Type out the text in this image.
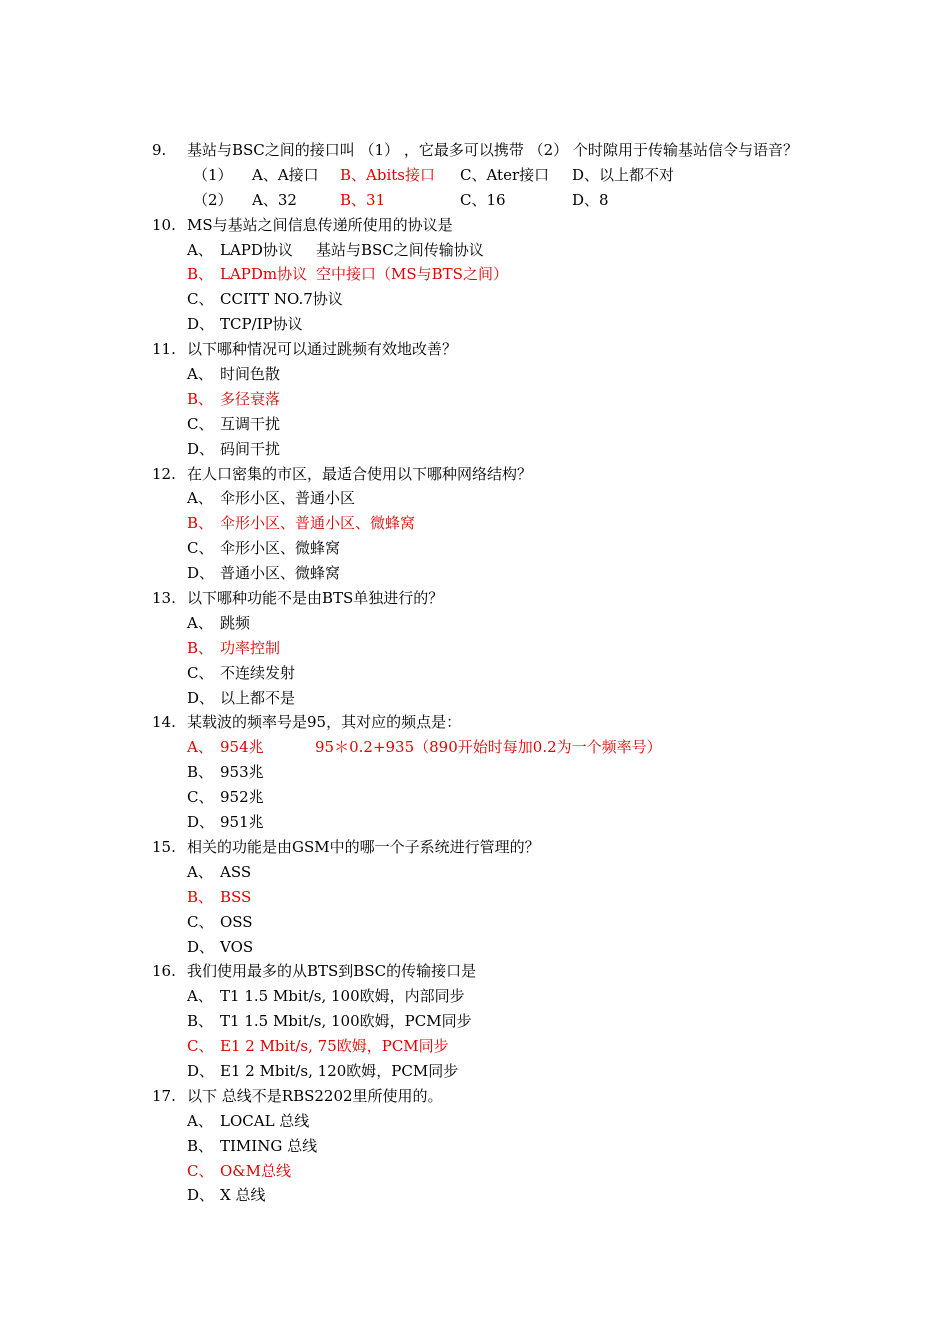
9. 基站与BSC之间的接口叫 （1） ，它最多可以携带 （2） 个时隙用于传输基站信令与语音？
（1） A、A接口 B、Abits接口 C、Ater接口 D、以上都不对
（2） A、32	B、31	C、16	D、8
10. MS与基站之间信息传递所使用的协议是
A、 LAPD协议 基站与BSC之间传输协议
B、 LAPDm协议 空中接口（MS与BTS之间）
C、 CCITT NO.7协议
D、 TCP/IP协议
11. 以下哪种情况可以通过跳频有效地改善？
A、 时间色散
B、 多径衰落
C、 互调干扰
D、 码间干扰
12. 在人口密集的市区，最适合使用以下哪种网络结构？
A、 伞形小区、普通小区
B、 伞形小区、普通小区、微蜂窝
C、 伞形小区、微蜂窝
D、 普通小区、微蜂窝
13. 以下哪种功能不是由BTS单独进行的？
A、 跳频
B、 功率控制
C、 不连续发射
D、 以上都不是
14. 某载波的频率号是95，其对应的频点是：
A、 954兆	95＊0.2+935（890开始时每加0.2为一个频率号）
B、 953兆
C、 952兆
D、 951兆
15. 相关的功能是由GSM中的哪一个子系统进行管理的？
A、 ASS
B、 BSS
C、 OSS
D、 VOS
16. 我们使用最多的从BTS到BSC的传输接口是
A、 T1 1.5 Mbit/s, 100欧姆，内部同步
B、 T1 1.5 Mbit/s, 100欧姆，PCM同步
C、 E1 2 Mbit/s, 75欧姆，PCM同步
D、 E1 2 Mbit/s, 120欧姆，PCM同步
17. 以下 总线不是RBS2202里所使用的。
A、 LOCAL 总线
B、 TIMING 总线
C、 O&M总线
D、 X 总线
